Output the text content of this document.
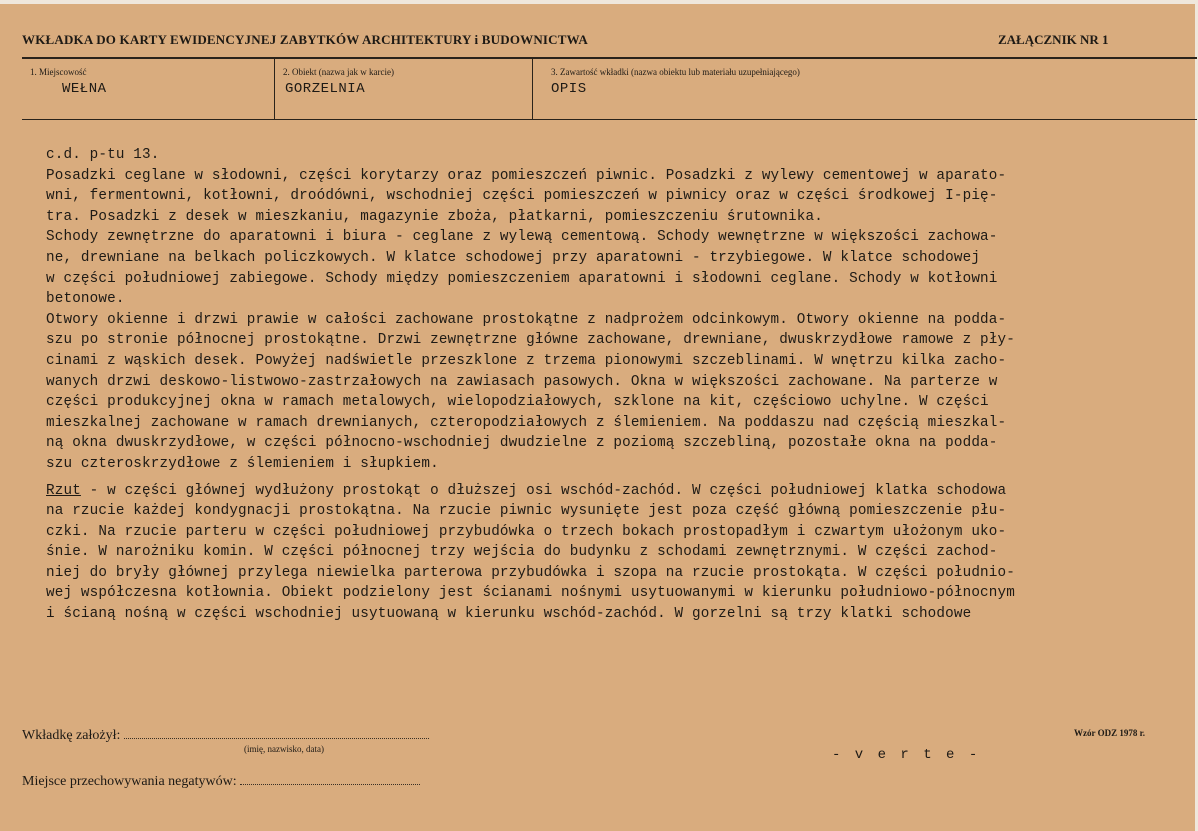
WKŁADKA DO KARTY EWIDENCYJNEJ ZABYTKÓW ARCHITEKTURY i BUDOWNICTWA	ZAŁĄCZNIK NR 1
1. Miejscowość
WEŁNA
2. Obiekt (nazwa jak w karcie)
GORZELNIA
3. Zawartość wkładki (nazwa obiektu lub materiału uzupełniającego)
OPIS
c.d. p-tu 13.
Posadzki ceglane w słodowni, części korytarzy oraz pomieszczeń piwnic. Posadzki z wylewy cementowej w aparato-
wni, fermentowni, kotłowni, droódówni, wschodniej części pomieszczeń w piwnicy oraz w części środkowej I-pię-
tra. Posadzki z desek w mieszkaniu, magazynie zboża, płatkarni, pomieszczeniu śrutownika.
Schody zewnętrzne do aparatowni i biura - ceglane z wylewą cementową. Schody wewnętrzne w większości zachowa-
ne, drewniane na belkach policzkowych. W klatce schodowej przy aparatowni - trzybiegowe. W klatce schodowej
w części południowej zabiegowe. Schody między pomieszczeniem aparatowni i słodowni ceglane. Schody w kotłowni
betonowe.
Otwory okienne i drzwi prawie w całości zachowane prostokątne z nadprożem odcinkowym. Otwory okienne na podda-
szu po stronie północnej prostokątne. Drzwi zewnętrzne główne zachowane, drewniane, dwuskrzydłowe ramowe z pły-
cinami z wąskich desek. Powyżej nadświetle przeszklone z trzema pionowymi szczeblinami. W wnętrzu kilka zacho-
wanych drzwi deskowo-listwowo-zastrzałowych na zawiasach pasowych. Okna w większości zachowane. Na parterze w
części produkcyjnej okna w ramach metalowych, wielopodziałowych, szklone na kit, częściowo uchylne. W części
mieszkalnej zachowane w ramach drewnianych, czteropodziałowych z ślemieniem. Na poddaszu nad częścią mieszkal-
ną okna dwuskrzydłowe, w części północno-wschodniej dwudzielne z poziomą szczebliną, pozostałe okna na podda-
szu czteroskrzydłowe z ślemieniem i słupkiem.
Rzut - w części głównej wydłużony prostokąt o dłuższej osi wschód-zachód. W części południowej klatka schodowa
na rzucie każdej kondygnacji prostokątna. Na rzucie piwnic wysunięte jest poza część główną pomieszczenie płu-
czki. Na rzucie parteru w części południowej przybudówka o trzech bokach prostopadłym i czwartym ułożonym uko-
śnie. W narożniku komin. W części północnej trzy wejścia do budynku z schodami zewnętrznymi. W części zachod-
niej do bryły głównej przylega niewielka parterowa przybudówka i szopa na rzucie prostokąta. W części południo-
wej współczesna kotłownia. Obiekt podzielony jest ścianami nośnymi usytuowanymi w kierunku południowo-północnym
i ścianą nośną w części wschodniej usytuowaną w kierunku wschód-zachód. W gorzelni są trzy klatki schodowe
Wkładkę założył:
(imię, nazwisko, data)
Wzór ODZ 1978 r.
- v e r t e -
Miejsce przechowywania negatywów:
